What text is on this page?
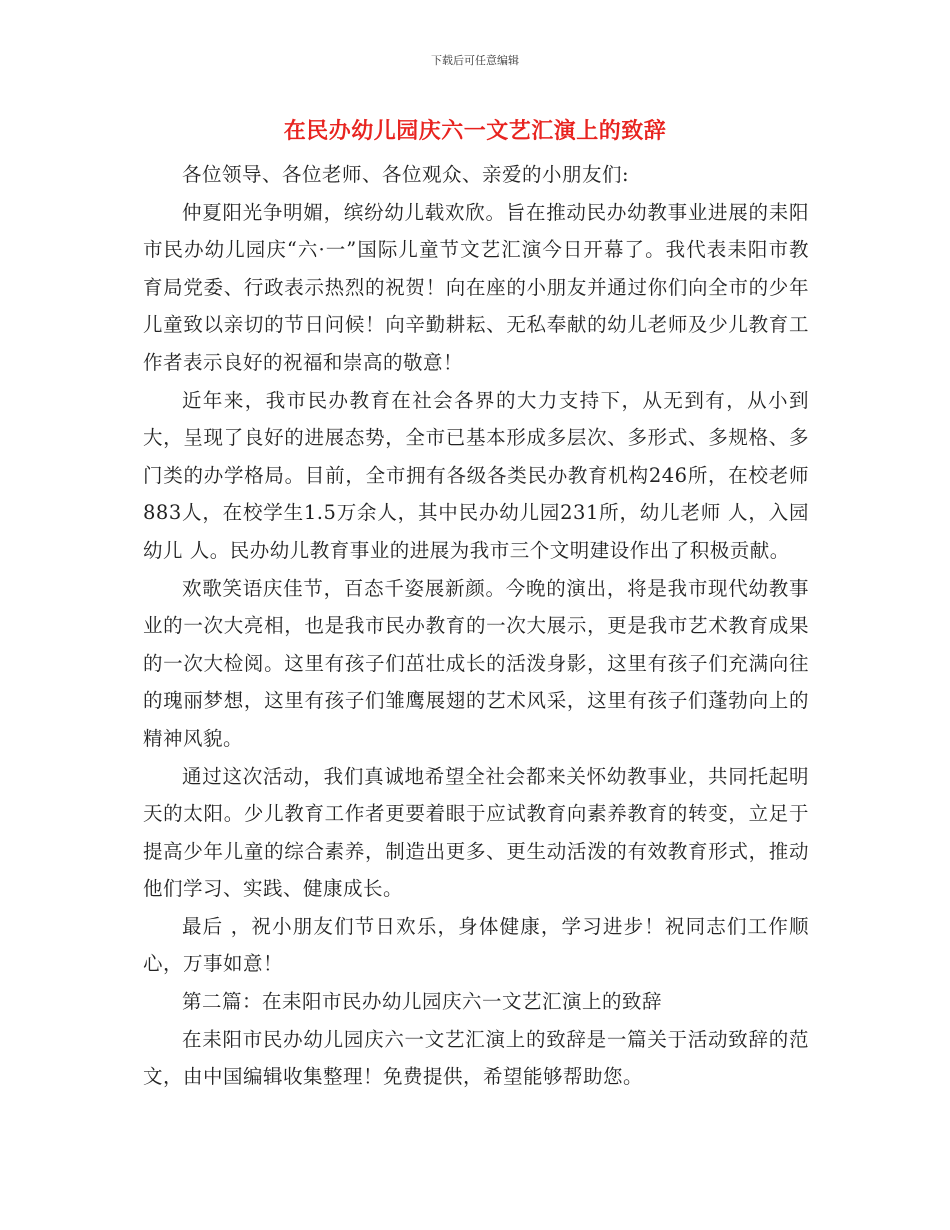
下载后可任意编辑
在民办幼儿园庆六一文艺汇演上的致辞

各位领导、各位老师、各位观众、亲爱的小朋友们:

仲夏阳光争明媚，缤纷幼儿载欢欣。旨在推动民办幼教事业进展的耒阳市民办幼儿园庆“六·一”国际儿童节文艺汇演今日开幕了。我代表耒阳市教育局党委、行政表示热烈的祝贺！向在座的小朋友并通过你们向全市的少年儿童致以亲切的节日问候！向辛勤耕耘、无私奉献的幼儿老师及少儿教育工作者表示良好的祝福和崇高的敬意！

近年来，我市民办教育在社会各界的大力支持下，从无到有，从小到大，呈现了良好的进展态势，全市已基本形成多层次、多形式、多规格、多门类的办学格局。目前，全市拥有各级各类民办教育机构246所，在校老师883人，在校学生1.5万余人，其中民办幼儿园231所，幼儿老师 人，入园幼儿 人。民办幼儿教育事业的进展为我市三个文明建设作出了积极贡献。

欢歌笑语庆佳节，百态千姿展新颜。今晚的演出，将是我市现代幼教事业的一次大亮相，也是我市民办教育的一次大展示，更是我市艺术教育成果的一次大检阅。这里有孩子们茁壮成长的活泼身影，这里有孩子们充满向往的瑰丽梦想，这里有孩子们雏鹰展翅的艺术风采，这里有孩子们蓬勃向上的精神风貌。

通过这次活动，我们真诚地希望全社会都来关怀幼教事业，共同托起明天的太阳。少儿教育工作者更要着眼于应试教育向素养教育的转变，立足于提高少年儿童的综合素养，制造出更多、更生动活泼的有效教育形式，推动他们学习、实践、健康成长。

最后 ，祝小朋友们节日欢乐，身体健康，学习进步！祝同志们工作顺心，万事如意！

第二篇：在耒阳市民办幼儿园庆六一文艺汇演上的致辞

在耒阳市民办幼儿园庆六一文艺汇演上的致辞是一篇关于活动致辞的范文，由中国编辑收集整理！免费提供，希望能够帮助您。
